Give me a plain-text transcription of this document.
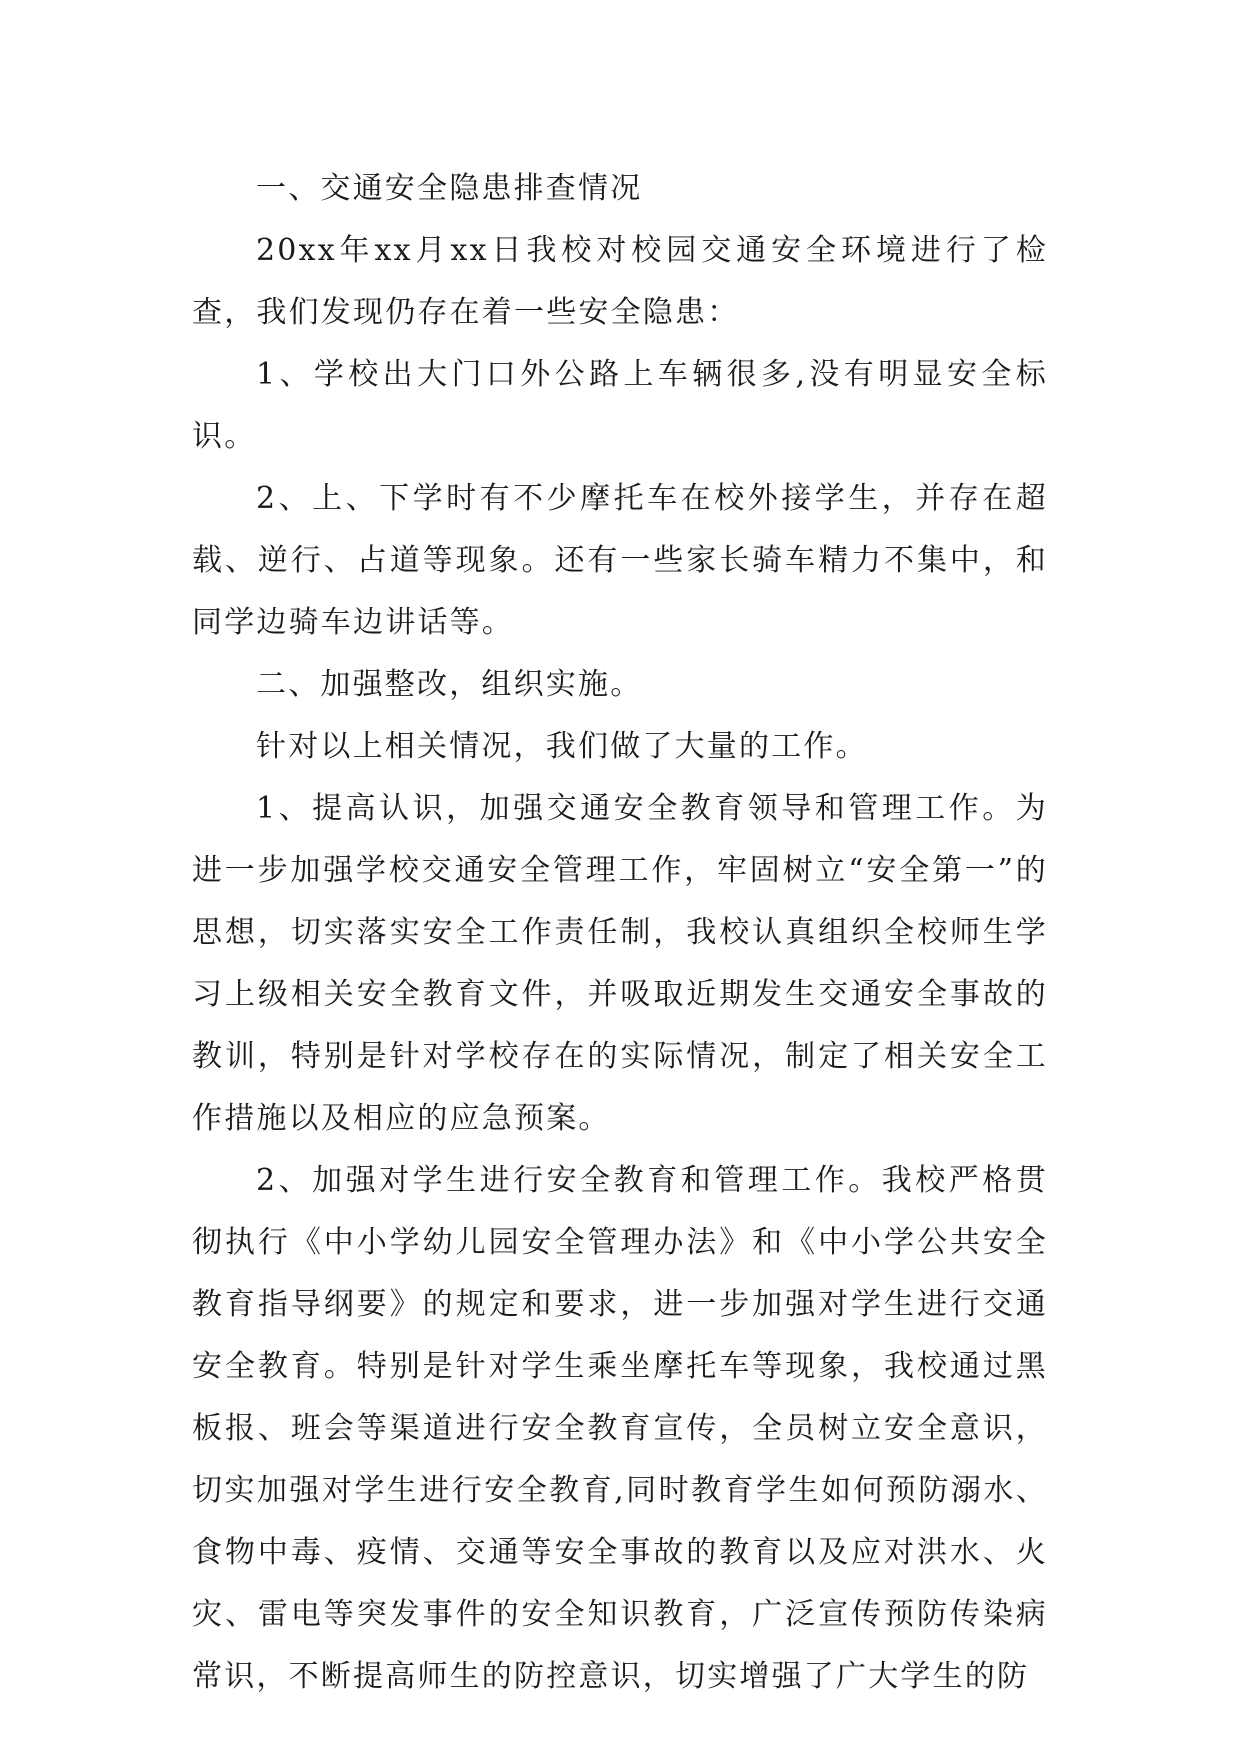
一、交通安全隐患排查情况

20xx年xx月xx日我校对校园交通安全环境进行了检查，我们发现仍存在着一些安全隐患：

1、学校出大门口外公路上车辆很多,没有明显安全标识。

2、上、下学时有不少摩托车在校外接学生，并存在超载、逆行、占道等现象。还有一些家长骑车精力不集中，和同学边骑车边讲话等。

二、加强整改，组织实施。

针对以上相关情况，我们做了大量的工作。

1、提高认识，加强交通安全教育领导和管理工作。为进一步加强学校交通安全管理工作，牢固树立“安全第一”的思想，切实落实安全工作责任制，我校认真组织全校师生学习上级相关安全教育文件，并吸取近期发生交通安全事故的教训，特别是针对学校存在的实际情况，制定了相关安全工作措施以及相应的应急预案。

2、加强对学生进行安全教育和管理工作。我校严格贯彻执行《中小学幼儿园安全管理办法》和《中小学公共安全教育指导纲要》的规定和要求，进一步加强对学生进行交通安全教育。特别是针对学生乘坐摩托车等现象，我校通过黑板报、班会等渠道进行安全教育宣传，全员树立安全意识，切实加强对学生进行安全教育,同时教育学生如何预防溺水、食物中毒、疫情、交通等安全事故的教育以及应对洪水、火灾、雷电等突发事件的安全知识教育，广泛宣传预防传染病常识，不断提高师生的防控意识，切实增强了广大学生的防
